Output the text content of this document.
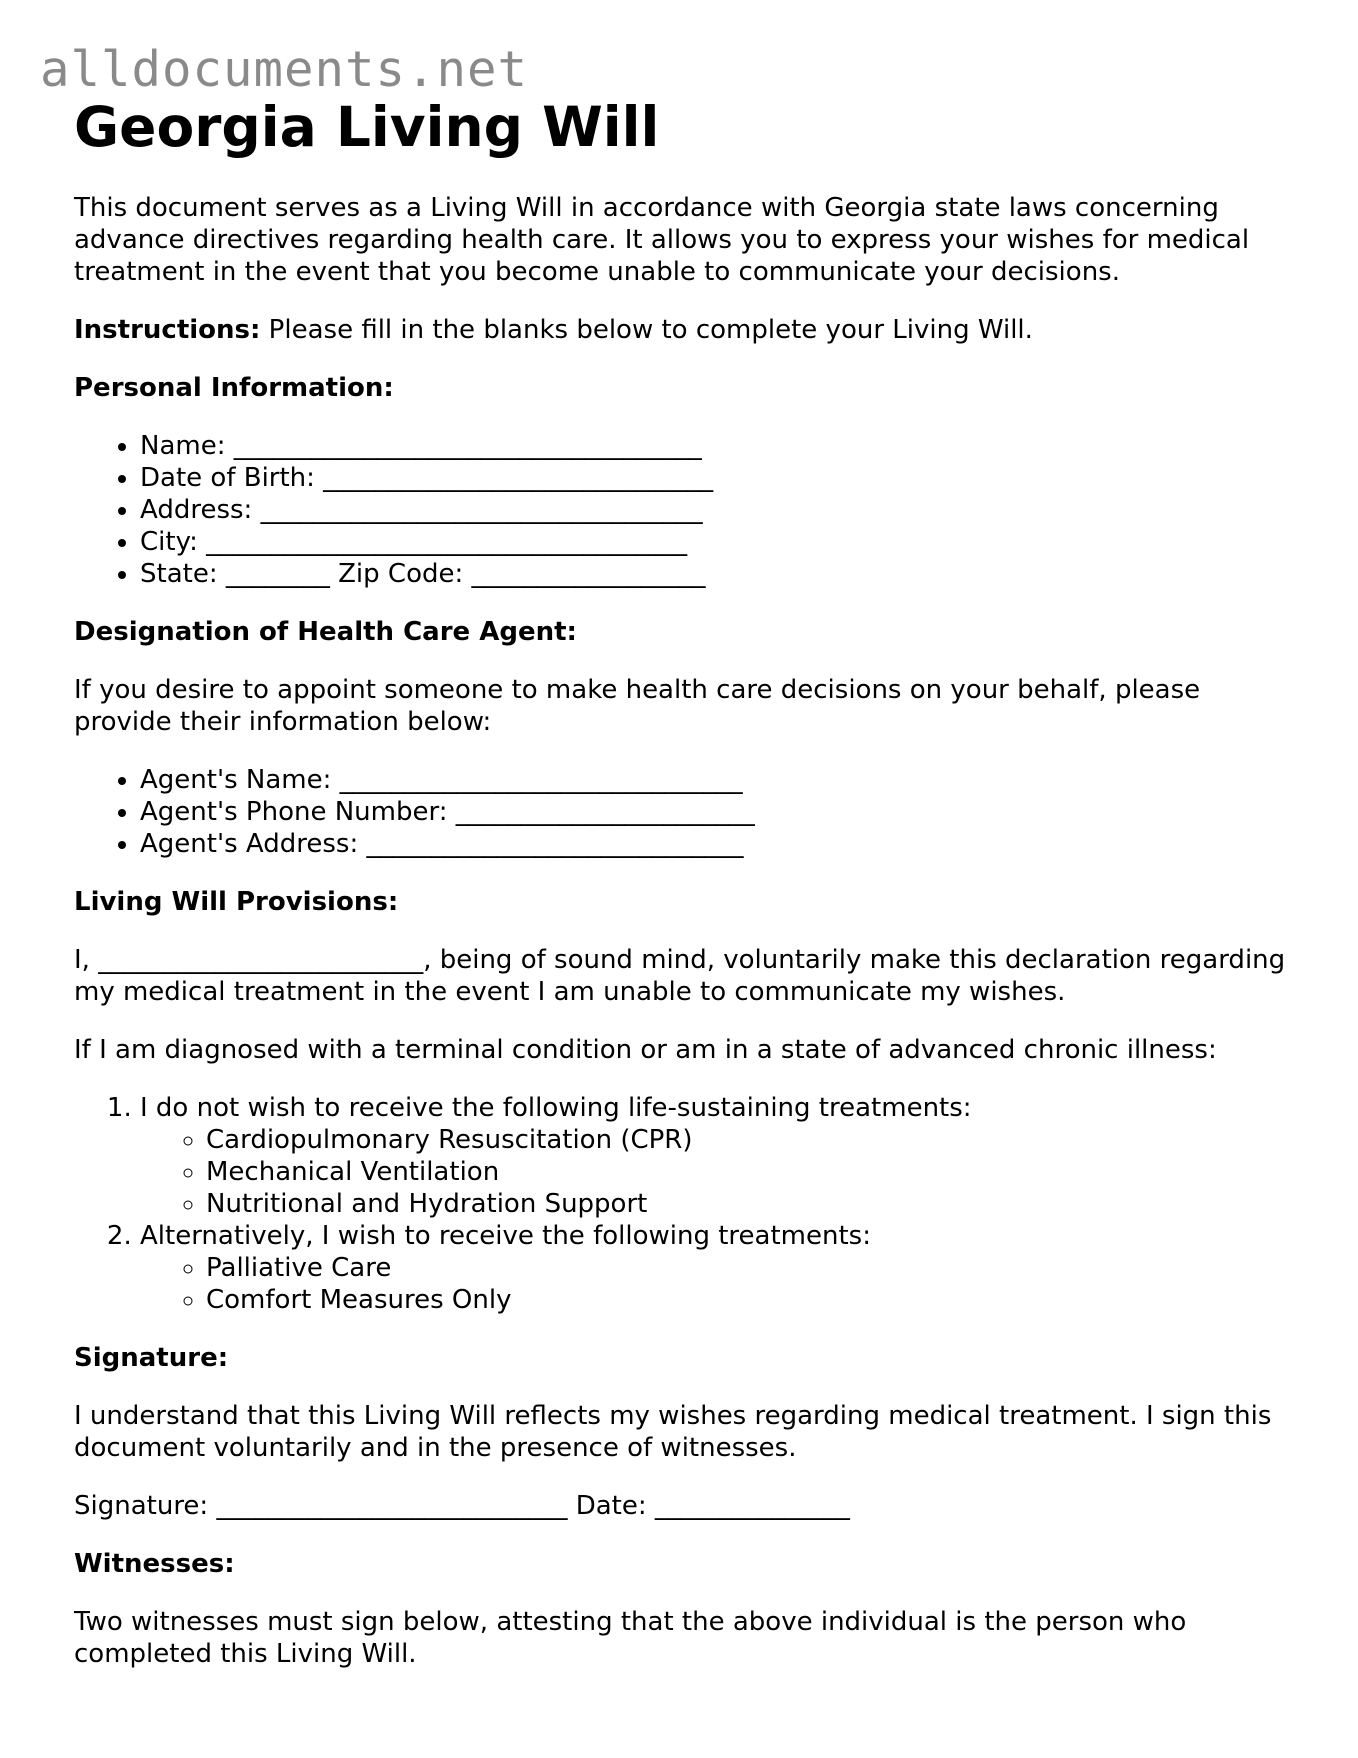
alldocuments.net
Georgia Living Will

This document serves as a Living Will in accordance with Georgia state laws concerning advance directives regarding health care. It allows you to express your wishes for medical treatment in the event that you become unable to communicate your decisions.

Instructions: Please fill in the blanks below to complete your Living Will.

Personal Information:
• Name: ____________________________________
• Date of Birth: ______________________________
• Address: __________________________________
• City: _____________________________________
• State: ________ Zip Code: __________________
Designation of Health Care Agent:

If you desire to appoint someone to make health care decisions on your behalf, please provide their information below:

• Agent's Name: _______________________________
• Agent's Phone Number: _______________________
• Agent's Address: _____________________________
Living Will Provisions:

I, _________________________, being of sound mind, voluntarily make this declaration regarding my medical treatment in the event I am unable to communicate my wishes.

If I am diagnosed with a terminal condition or am in a state of advanced chronic illness:

1. I do not wish to receive the following life-sustaining treatments:
◦ Cardiopulmonary Resuscitation (CPR)
◦ Mechanical Ventilation
◦ Nutritional and Hydration Support
2. Alternatively, I wish to receive the following treatments:
◦ Palliative Care
◦ Comfort Measures Only
Signature:

I understand that this Living Will reflects my wishes regarding medical treatment. I sign this document voluntarily and in the presence of witnesses.

Signature: ___________________________ Date: _______________

Witnesses:

Two witnesses must sign below, attesting that the above individual is the person who completed this Living Will.
